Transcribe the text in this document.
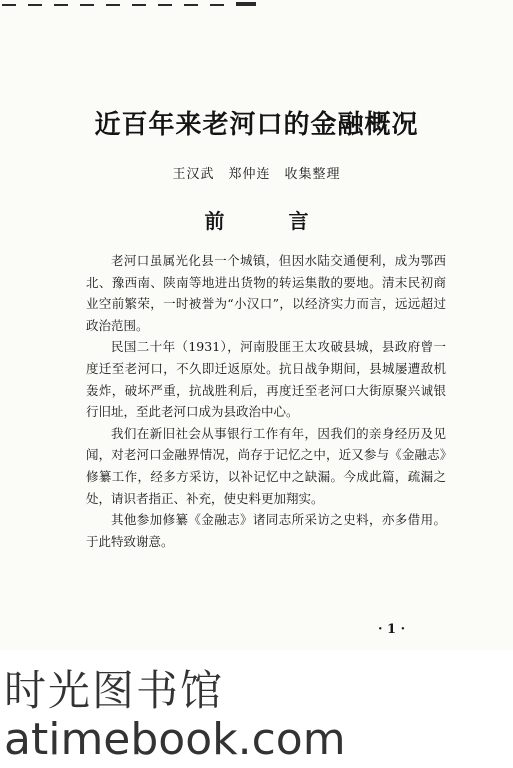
近百年来老河口的金融概况
王汉武　郑仲连　收集整理
前　言

老河口虽属光化县一个城镇，但因水陆交通便利，成为鄂西北、豫西南、陕南等地进出货物的转运集散的要地。清末民初商业空前繁荣，一时被誉为“小汉口”，以经济实力而言，远远超过政治范围。

民国二十年（1931），河南股匪王太攻破县城，县政府曾一度迁至老河口，不久即迁返原处。抗日战争期间，县城屡遭敌机轰炸，破坏严重，抗战胜利后，再度迁至老河口大街原聚兴诚银行旧址，至此老河口成为县政治中心。

我们在新旧社会从事银行工作有年，因我们的亲身经历及见闻，对老河口金融界情况，尚存于记忆之中，近又参与《金融志》修纂工作，经多方采访，以补记忆中之缺漏。今成此篇，疏漏之处，请识者指正、补充，使史料更加翔实。

其他参加修纂《金融志》诸同志所采访之史料，亦多借用。于此特致谢意。

· 1 ·
时光图书馆
atimebook.com
